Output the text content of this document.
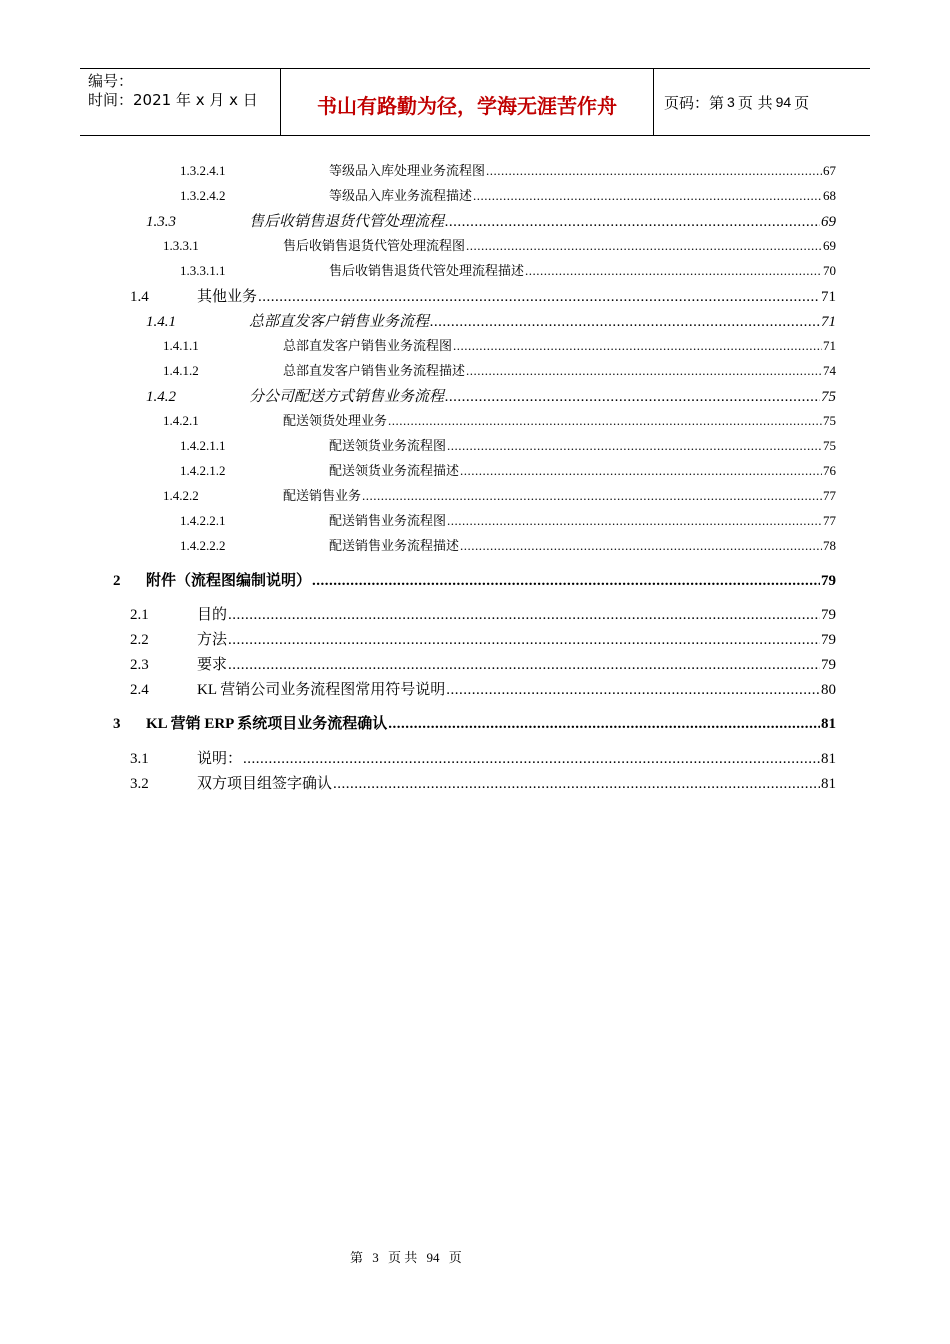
编号：
时间：2021 年 x 月 x 日	书山有路勤为径，学海无涯苦作舟	页码：第 3 页 共 94 页
1.3.2.4.1	等级品入库处理业务流程图 .....	67
1.3.2.4.2	等级品入库业务流程描述 .....	68
1.3.3	售后收销售退货代管处理流程 .....	69
1.3.3.1	售后收销售退货代管处理流程图 .....	69
1.3.3.1.1	售后收销售退货代管处理流程描述 .....	70
1.4	其他业务 .....	71
1.4.1	总部直发客户销售业务流程 .....	71
1.4.1.1	总部直发客户销售业务流程图 .....	71
1.4.1.2	总部直发客户销售业务流程描述 .....	74
1.4.2	分公司配送方式销售业务流程 .....	75
1.4.2.1	配送领货处理业务 .....	75
1.4.2.1.1	配送领货业务流程图 .....	75
1.4.2.1.2	配送领货业务流程描述 .....	76
1.4.2.2	配送销售业务 .....	77
1.4.2.2.1	配送销售业务流程图 .....	77
1.4.2.2.2	配送销售业务流程描述 .....	78
2	附件（流程图编制说明） .....	79
2.1	目的 .....	79
2.2	方法 .....	79
2.3	要求 .....	79
2.4	KL 营销公司业务流程图常用符号说明 .....	80
3	KL 营销 ERP 系统项目业务流程确认 .....	81
3.1	说明： .....	81
3.2	双方项目组签字确认 .....	81
第 3 页 共 94 页
